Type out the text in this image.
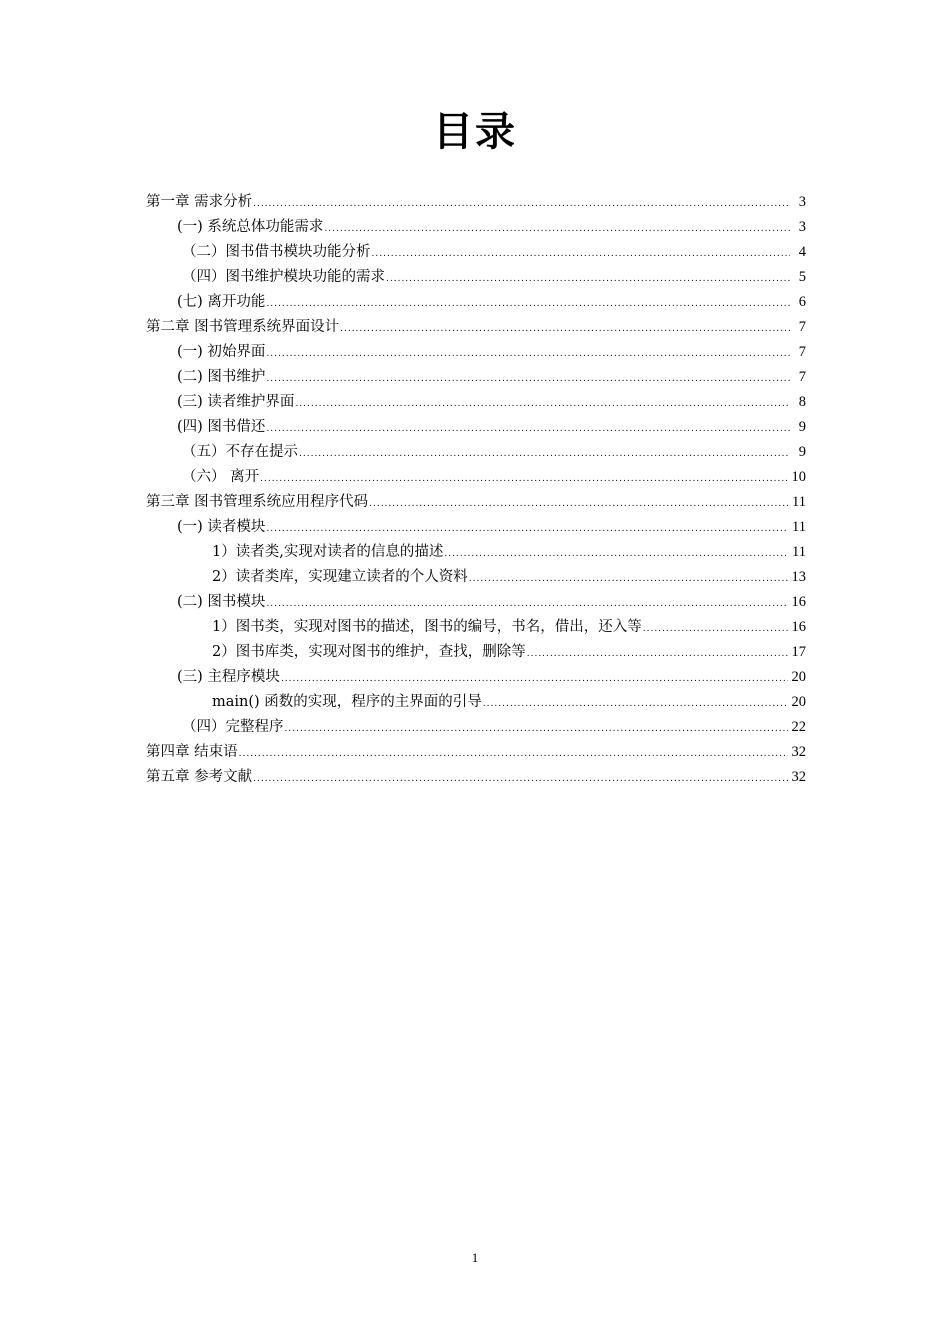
目录
第一章 需求分析 .....	3
(一) 系统总体功能需求 .....	3
（二）图书借书模块功能分析 .....	4
（四）图书维护模块功能的需求 .....	5
(七) 离开功能 .....	6
第二章 图书管理系统界面设计 .....	7
(一) 初始界面 .....	7
(二) 图书维护 .....	7
(三) 读者维护界面 .....	8
(四) 图书借还 .....	9
（五）不存在提示 .....	9
（六） 离开 .....	10
第三章 图书管理系统应用程序代码 .....	11
(一) 读者模块 .....	11
1）读者类,实现对读者的信息的描述 .....	11
2）读者类库，实现建立读者的个人资料 .....	13
(二) 图书模块 .....	16
1）图书类，实现对图书的描述，图书的编号，书名，借出，还入等 .....	16
2）图书库类，实现对图书的维护，查找，删除等 .....	17
(三) 主程序模块 .....	20
main() 函数的实现，程序的主界面的引导 .....	20
（四）完整程序 .....	22
第四章 结束语 .....	32
第五章 参考文献 .....	32
1
